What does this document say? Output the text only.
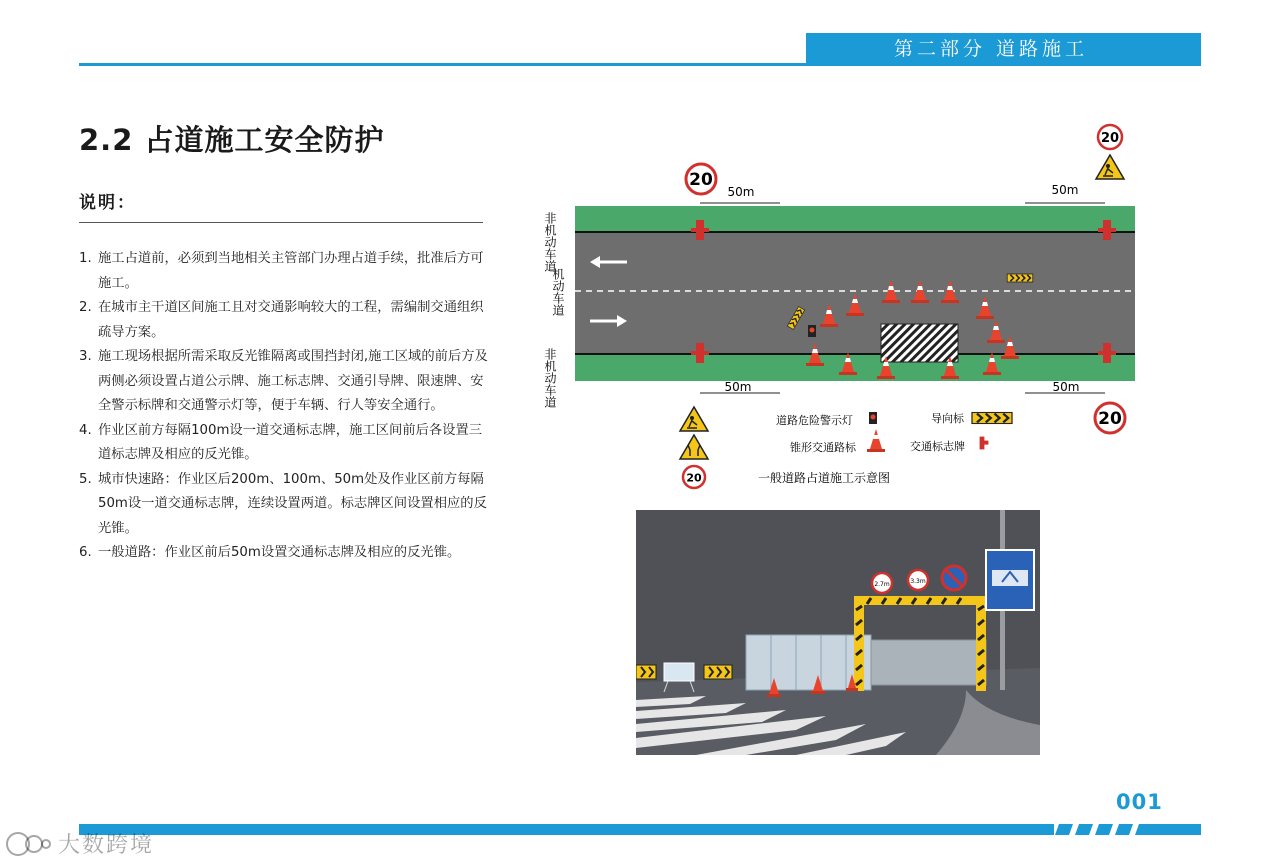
第二部分 道路施工
2.2 占道施工安全防护
说明：
1. 施工占道前，必须到当地相关主管部门办理占道手续，批准后方可施工。
2. 在城市主干道区间施工且对交通影响较大的工程，需编制交通组织疏导方案。
3. 施工现场根据所需采取反光锥隔离或围挡封闭,施工区域的前后方及两侧必须设置占道公示牌、施工标志牌、交通引导牌、限速牌、安全警示标牌和交通警示灯等，便于车辆、行人等安全通行。
4. 作业区前方每隔100m设一道交通标志牌，施工区间前后各设置三道标志牌及相应的反光锥。
5. 城市快速路：作业区后200m、100m、50m处及作业区前方每隔50m设一道交通标志牌，连续设置两道。标志牌区间设置相应的反光锥。
6. 一般道路：作业区前后50m设置交通标志牌及相应的反光锥。
20
20
50m	50m
非机动车道
机动车道
非机动车道	50m	50m
20
20
道路危险警示灯
锥形交通路标
导向标
交通标志牌
一般道路占道施工示意图
2.7m	3.3m
001
大数跨境
